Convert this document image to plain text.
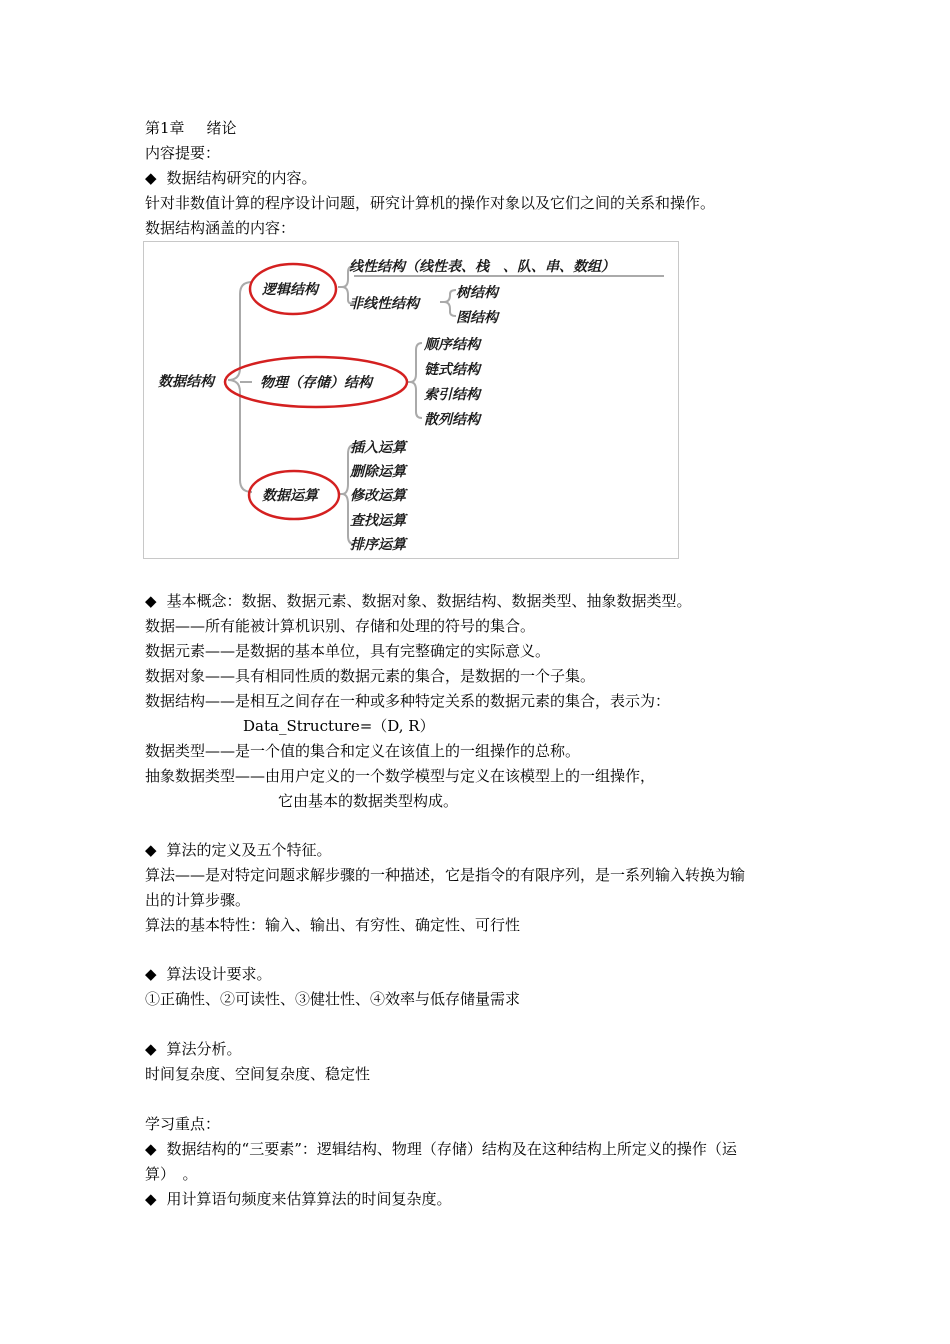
第1章 绪论
内容提要：
◆ 数据结构研究的内容。
针对非数值计算的程序设计问题，研究计算机的操作对象以及它们之间的关系和操作。
数据结构涵盖的内容：
数据结构
逻辑结构
线性结构（线性表、栈　、队、串、数组）
非线性结构
树结构
图结构
物理（存储）结构
顺序结构
链式结构
索引结构
散列结构
数据运算
插入运算
删除运算
修改运算
查找运算
排序运算
◆ 基本概念：数据、数据元素、数据对象、数据结构、数据类型、抽象数据类型。
数据——所有能被计算机识别、存储和处理的符号的集合。
数据元素——是数据的基本单位，具有完整确定的实际意义。
数据对象——具有相同性质的数据元素的集合，是数据的一个子集。
数据结构——是相互之间存在一种或多种特定关系的数据元素的集合，表示为：
Data_Structure=（D, R）
数据类型——是一个值的集合和定义在该值上的一组操作的总称。
抽象数据类型——由用户定义的一个数学模型与定义在该模型上的一组操作，
它由基本的数据类型构成。
◆ 算法的定义及五个特征。
算法——是对特定问题求解步骤的一种描述，它是指令的有限序列，是一系列输入转换为输
出的计算步骤。
算法的基本特性：输入、输出、有穷性、确定性、可行性
◆ 算法设计要求。
①正确性、②可读性、③健壮性、④效率与低存储量需求
◆ 算法分析。
时间复杂度、空间复杂度、稳定性
学习重点：
◆ 数据结构的“三要素”：逻辑结构、物理（存储）结构及在这种结构上所定义的操作（运
算）　。
◆ 用计算语句频度来估算算法的时间复杂度。
